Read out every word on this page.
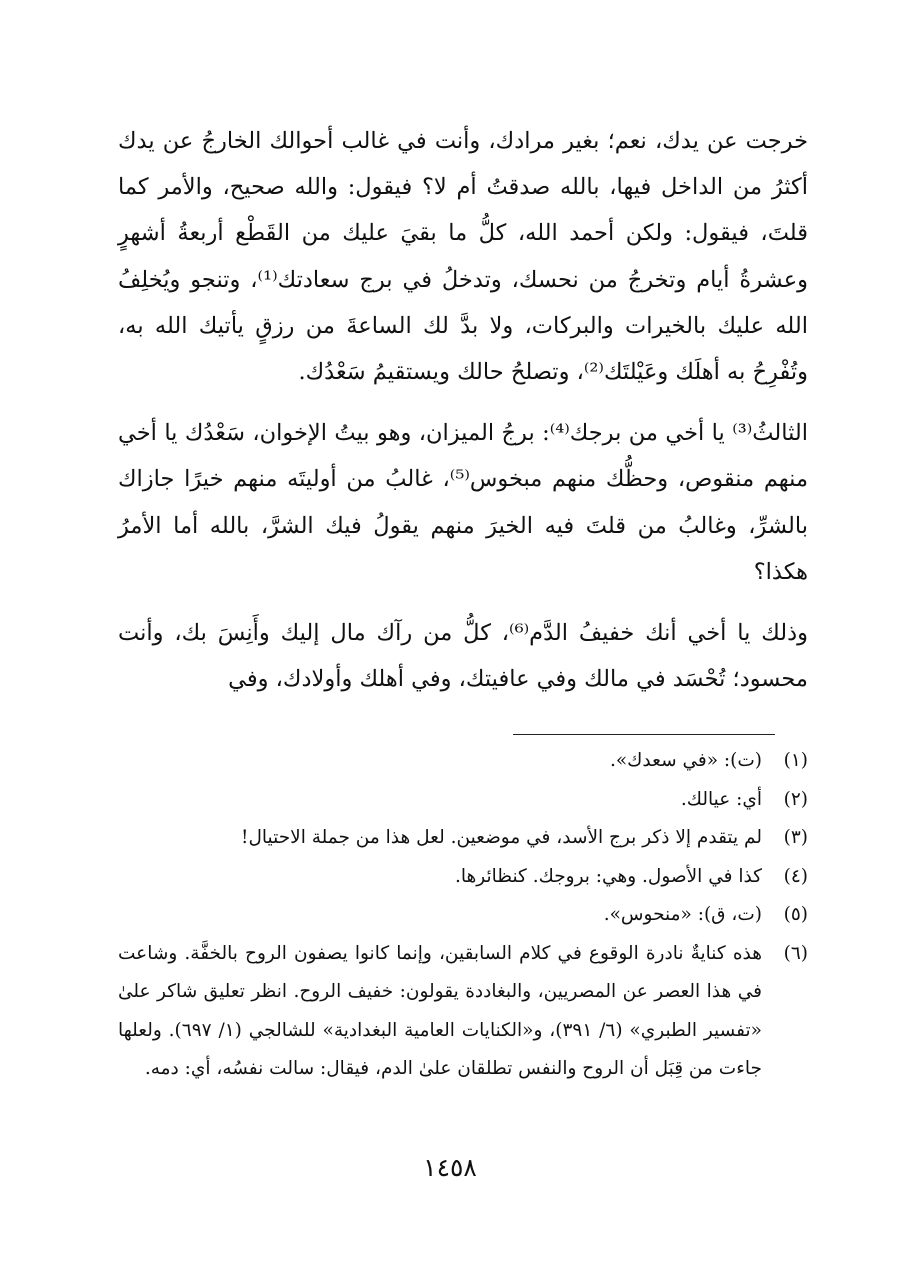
خرجت عن يدك، نعم؛ بغير مرادك، وأنت في غالب أحوالك الخارجُ عن يدك أكثرُ من الداخل فيها، بالله صدقتُ أم لا؟ فيقول: والله صحيح، والأمر كما قلتَ، فيقول: ولكن أحمد الله، كلُّ ما بقيَ عليك من القَطْع أربعةُ أشهرٍ وعشرةُ أيام وتخرجُ من نحسك، وتدخلُ في برج سعادتك⁽¹⁾، وتنجو ويُخلِفُ الله عليك بالخيرات والبركات، ولا بدَّ لك الساعةَ من رزقٍ يأتيك الله به، وتُفْرِحُ به أهلَك وعَيْلتَك⁽²⁾، وتصلحُ حالك ويستقيمُ سَعْدُك.

الثالثُ⁽³⁾ يا أخي من برجك⁽⁴⁾: برجُ الميزان، وهو بيتُ الإخوان، سَعْدُك يا أخي منهم منقوص، وحظُّك منهم مبخوس⁽⁵⁾، غالبُ من أوليتَه منهم خيرًا جازاك بالشرِّ، وغالبُ من قلتَ فيه الخيرَ منهم يقولُ فيك الشرَّ، بالله أما الأمرُ هكذا؟

وذلك يا أخي أنك خفيفُ الدَّم⁽⁶⁾، كلُّ من رآك مال إليك وأَنِسَ بك، وأنت محسود؛ تُحْسَد في مالك وفي عافيتك، وفي أهلك وأولادك، وفي

(١)
(ت): «في سعدك».
(٢)
أي: عيالك.
(٣)
لم يتقدم إلا ذكر برج الأسد، في موضعين. لعل هذا من جملة الاحتيال!
(٤)
كذا في الأصول. وهي: بروجك. كنظائرها.
(٥)
(ت، ق): «منحوس».
(٦)
هذه كنايةٌ نادرة الوقوع في كلام السابقين، وإنما كانوا يصفون الروح بالخفَّة. وشاعت في هذا العصر عن المصريين، والبغاددة يقولون: خفيف الروح. انظر تعليق شاكر علىٰ «تفسير الطبري» (٦/ ٣٩١)، و«الكنايات العامية البغدادية» للشالجي (١/ ٦٩٧). ولعلها جاءت من قِبَل أن الروح والنفس تطلقان علىٰ الدم، فيقال: سالت نفسُه، أي: دمه.
١٤٥٨
